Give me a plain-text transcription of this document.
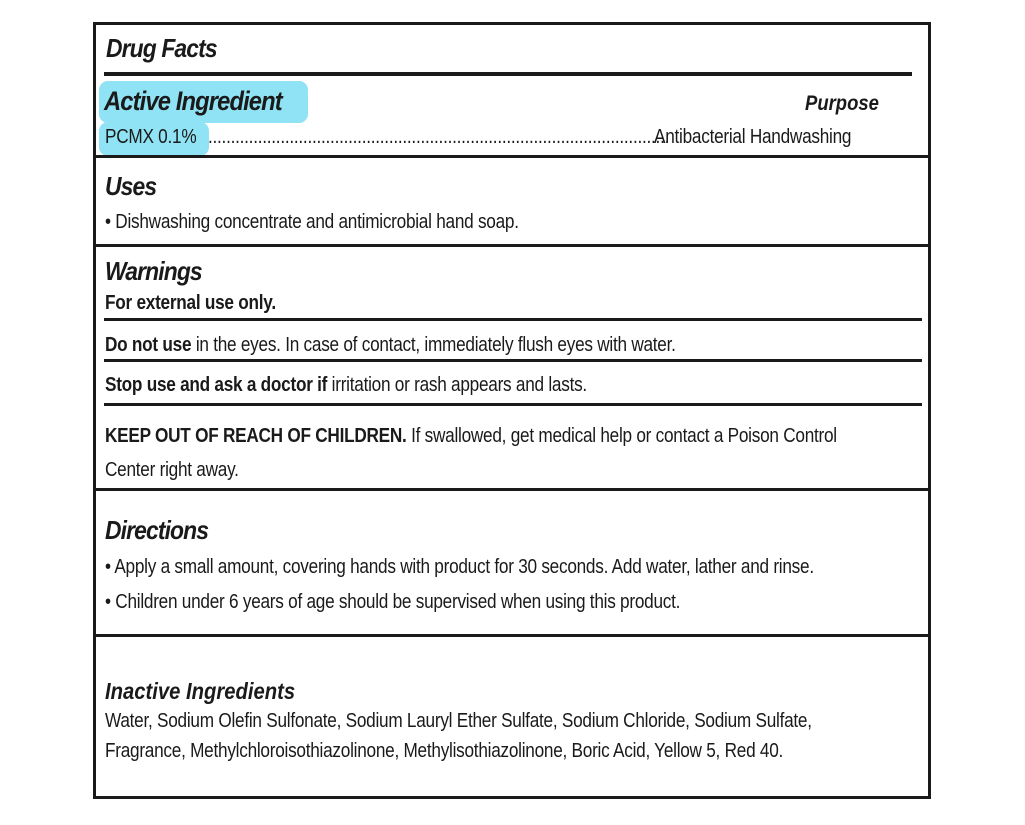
Drug Facts
Active Ingredient	Purpose
PCMX 0.1% ......................................................................................................
Antibacterial Handwashing
Uses
• Dishwashing concentrate and antimicrobial hand soap.
Warnings
For external use only.
Do not use in the eyes. In case of contact, immediately flush eyes with water.
Stop use and ask a doctor if irritation or rash appears and lasts.
KEEP OUT OF REACH OF CHILDREN. If swallowed, get medical help or contact a Poison Control
Center right away.
Directions
• Apply a small amount, covering hands with product for 30 seconds. Add water, lather and rinse.
• Children under 6 years of age should be supervised when using this product.
Inactive Ingredients
Water, Sodium Olefin Sulfonate, Sodium Lauryl Ether Sulfate, Sodium Chloride, Sodium Sulfate,
Fragrance, Methylchloroisothiazolinone, Methylisothiazolinone, Boric Acid, Yellow 5, Red 40.
